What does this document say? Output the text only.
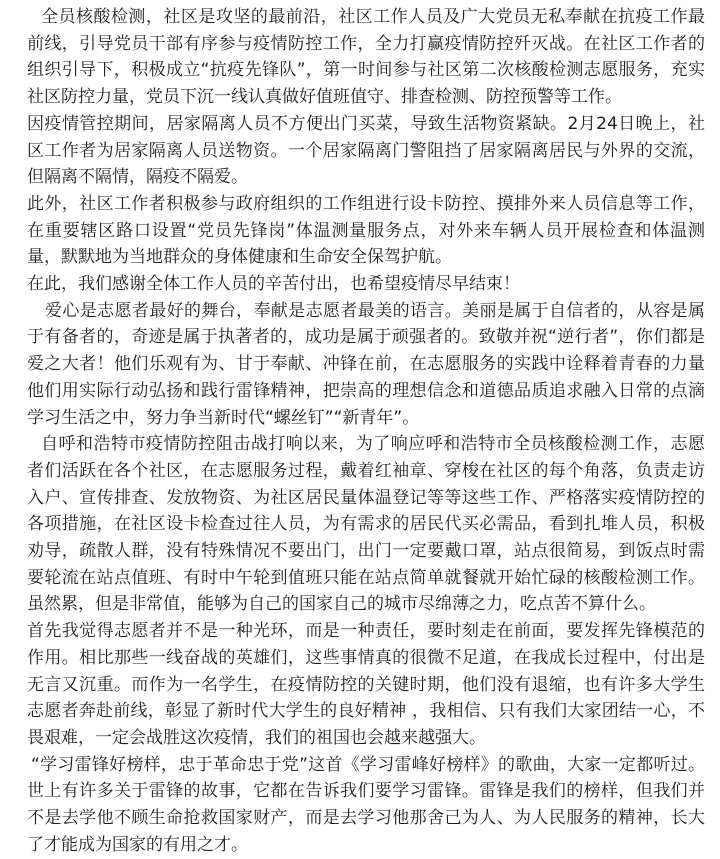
全员核酸检测，社区是攻坚的最前沿，社区工作人员及广大党员无私奉献在抗疫工作最
前线，引导党员干部有序参与疫情防控工作，全力打赢疫情防控歼灭战。在社区工作者的
组织引导下，积极成立“抗疫先锋队”，第一时间参与社区第二次核酸检测志愿服务，充实
社区防控力量，党员下沉一线认真做好值班值守、排查检测、防控预警等工作。
因疫情管控期间，居家隔离人员不方便出门买菜，导致生活物资紧缺。2月24日晚上，社
区工作者为居家隔离人员送物资。一个居家隔离门警阻挡了居家隔离居民与外界的交流，
但隔离不隔情，隔疫不隔爱。
此外，社区工作者积极参与政府组织的工作组进行设卡防控、摸排外来人员信息等工作，
在重要辖区路口设置“党员先锋岗”体温测量服务点，对外来车辆人员开展检查和体温测
量，默默地为当地群众的身体健康和生命安全保驾护航。
在此，我们感谢全体工作人员的辛苦付出，也希望疫情尽早结束！
爱心是志愿者最好的舞台，奉献是志愿者最美的语言。美丽是属于自信者的，从容是属
于有备者的，奇迹是属于执著者的，成功是属于顽强者的。致敬并祝“逆行者”，你们都是
爱之大者！他们乐观有为、甘于奉献、冲锋在前，在志愿服务的实践中诠释着青春的力量
他们用实际行动弘扬和践行雷锋精神，把崇高的理想信念和道德品质追求融入日常的点滴
学习生活之中，努力争当新时代“螺丝钉”“新青年”。
自呼和浩特市疫情防控阻击战打响以来，为了响应呼和浩特市全员核酸检测工作，志愿
者们活跃在各个社区，在志愿服务过程，戴着红袖章、穿梭在社区的每个角落，负责走访
入户、宣传排查、发放物资、为社区居民量体温登记等等这些工作、严格落实疫情防控的
各项措施，在社区设卡检查过往人员，为有需求的居民代买必需品，看到扎堆人员，积极
劝导，疏散人群，没有特殊情况不要出门，出门一定要戴口罩，站点很简易，到饭点时需
要轮流在站点值班、有时中午轮到值班只能在站点简单就餐就开始忙碌的核酸检测工作。
虽然累，但是非常值，能够为自己的国家自己的城市尽绵薄之力，吃点苦不算什么。
首先我觉得志愿者并不是一种光环，而是一种责任，要时刻走在前面，要发挥先锋模范的
作用。相比那些一线奋战的英雄们，这些事情真的很微不足道，在我成长过程中，付出是
无言又沉重。而作为一名学生，在疫情防控的关键时期，他们没有退缩，也有许多大学生
志愿者奔赴前线，彰显了新时代大学生的良好精神 ，我相信、只有我们大家团结一心，不
畏艰难，一定会战胜这次疫情，我们的祖国也会越来越强大。
“学习雷锋好榜样，忠于革命忠于党”这首《学习雷峰好榜样》的歌曲，大家一定都听过。
世上有许多关于雷锋的故事，它都在告诉我们要学习雷锋。雷锋是我们的榜样，但我们并
不是去学他不顾生命抢救国家财产，而是去学习他那舍己为人、为人民服务的精神，长大
了才能成为国家的有用之才。
